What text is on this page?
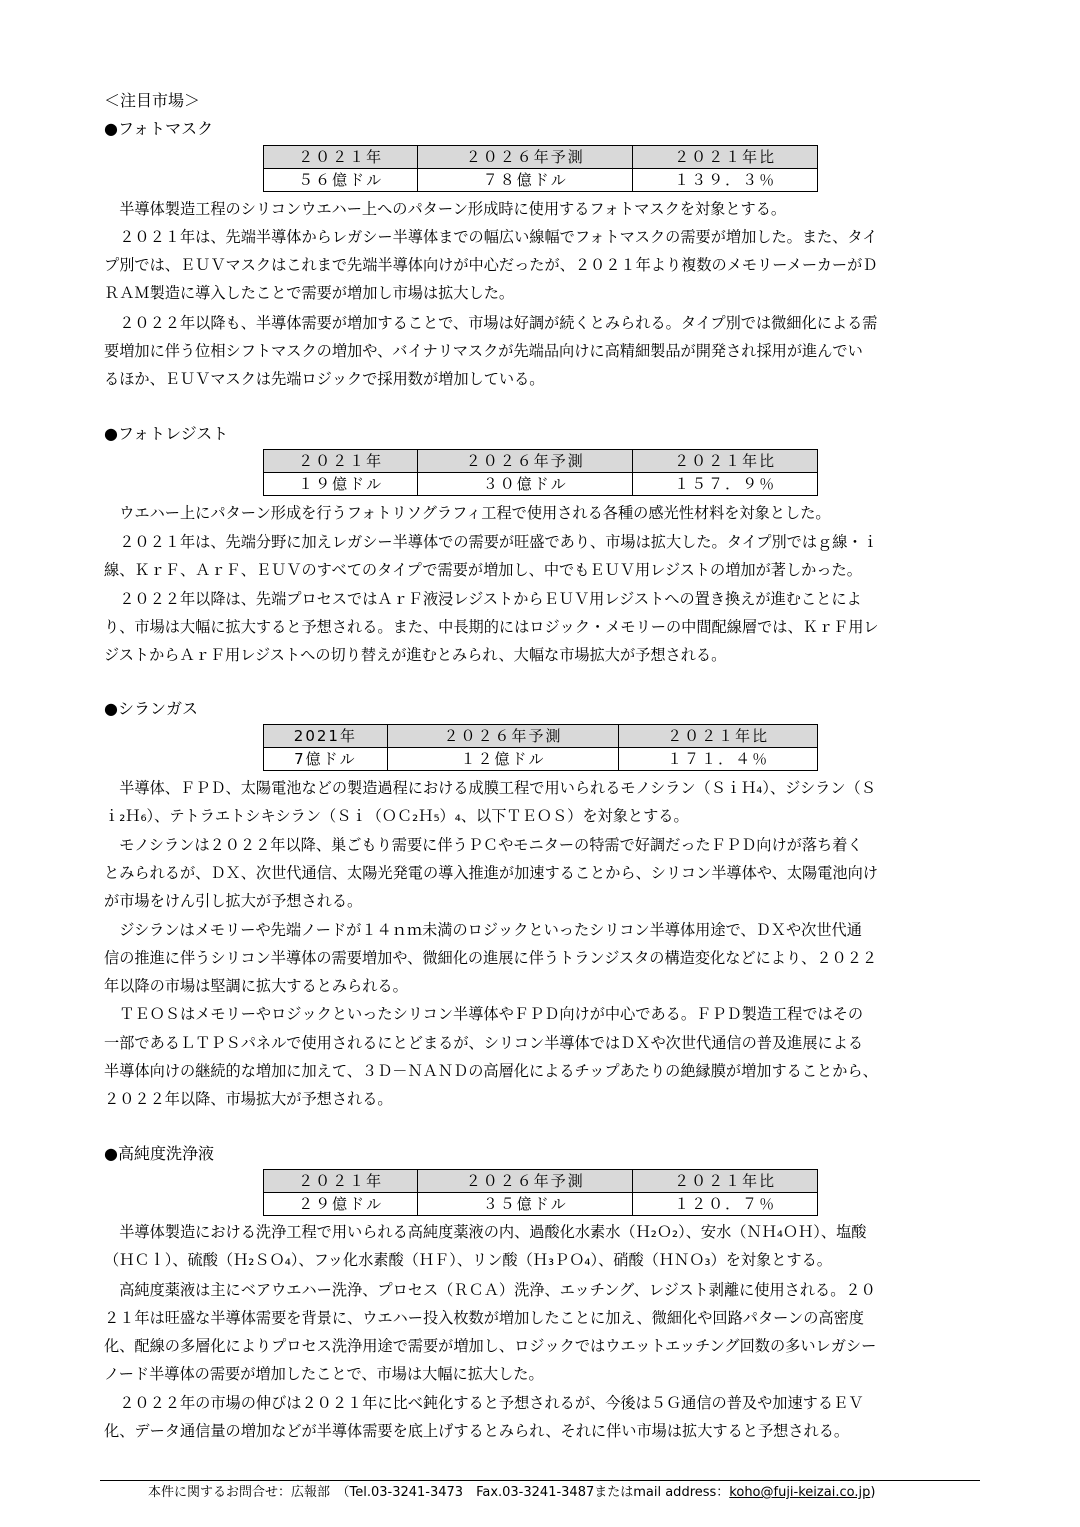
＜注目市場＞
●フォトマスク
２０２１年	２０２６年予測	２０２１年比
５６億ドル	７８億ドル	１３９．３％
　半導体製造工程のシリコンウエハー上へのパターン形成時に使用するフォトマスクを対象とする。
　２０２１年は、先端半導体からレガシー半導体までの幅広い線幅でフォトマスクの需要が増加した。また、タイ
プ別では、ＥＵＶマスクはこれまで先端半導体向けが中心だったが、２０２１年より複数のメモリーメーカーがＤ
ＲＡＭ製造に導入したことで需要が増加し市場は拡大した。
　２０２２年以降も、半導体需要が増加することで、市場は好調が続くとみられる。タイプ別では微細化による需
要増加に伴う位相シフトマスクの増加や、バイナリマスクが先端品向けに高精細製品が開発され採用が進んでい
るほか、ＥＵＶマスクは先端ロジックで採用数が増加している。
●フォトレジスト
２０２１年	２０２６年予測	２０２１年比
１９億ドル	３０億ドル	１５７．９％
　ウエハー上にパターン形成を行うフォトリソグラフィ工程で使用される各種の感光性材料を対象とした。
　２０２１年は、先端分野に加えレガシー半導体での需要が旺盛であり、市場は拡大した。タイプ別ではｇ線・ｉ
線、ＫｒＦ、ＡｒＦ、ＥＵＶのすべてのタイプで需要が増加し、中でもＥＵＶ用レジストの増加が著しかった。
　２０２２年以降は、先端プロセスではＡｒＦ液浸レジストからＥＵＶ用レジストへの置き換えが進むことによ
り、市場は大幅に拡大すると予想される。また、中長期的にはロジック・メモリーの中間配線層では、ＫｒＦ用レ
ジストからＡｒＦ用レジストへの切り替えが進むとみられ、大幅な市場拡大が予想される。
●シランガス
2021年	２０２６年予測	２０２１年比
7億ドル	１２億ドル	１７１．４％
　半導体、ＦＰＤ、太陽電池などの製造過程における成膜工程で用いられるモノシラン（ＳｉＨ₄）、ジシラン（Ｓ
ｉ₂Ｈ₆）、テトラエトシキシラン（Ｓｉ（ＯＣ₂Ｈ₅）₄、以下ＴＥＯＳ）を対象とする。
　モノシランは２０２２年以降、巣ごもり需要に伴うＰＣやモニターの特需で好調だったＦＰＤ向けが落ち着く
とみられるが、ＤＸ、次世代通信、太陽光発電の導入推進が加速することから、シリコン半導体や、太陽電池向け
が市場をけん引し拡大が予想される。
　ジシランはメモリーや先端ノードが１４ｎｍ未満のロジックといったシリコン半導体用途で、ＤＸや次世代通
信の推進に伴うシリコン半導体の需要増加や、微細化の進展に伴うトランジスタの構造変化などにより、２０２２
年以降の市場は堅調に拡大するとみられる。
　ＴＥＯＳはメモリーやロジックといったシリコン半導体やＦＰＤ向けが中心である。ＦＰＤ製造工程ではその
一部であるＬＴＰＳパネルで使用されるにとどまるが、シリコン半導体ではＤＸや次世代通信の普及進展による
半導体向けの継続的な増加に加えて、３Ｄ－ＮＡＮＤの高層化によるチップあたりの絶縁膜が増加することから、
２０２２年以降、市場拡大が予想される。
●高純度洗浄液
２０２１年	２０２６年予測	２０２１年比
２９億ドル	３５億ドル	１２０．７％
　半導体製造における洗浄工程で用いられる高純度薬液の内、過酸化水素水（Ｈ₂Ｏ₂）、安水（ＮＨ₄ＯＨ）、塩酸
（ＨＣｌ）、硫酸（Ｈ₂ＳＯ₄）、フッ化水素酸（ＨＦ）、リン酸（Ｈ₃ＰＯ₄）、硝酸（ＨＮＯ₃）を対象とする。
　高純度薬液は主にベアウエハー洗浄、プロセス（ＲＣＡ）洗浄、エッチング、レジスト剥離に使用される。２０
２１年は旺盛な半導体需要を背景に、ウエハー投入枚数が増加したことに加え、微細化や回路パターンの高密度
化、配線の多層化によりプロセス洗浄用途で需要が増加し、ロジックではウエットエッチング回数の多いレガシー
ノード半導体の需要が増加したことで、市場は大幅に拡大した。
　２０２２年の市場の伸びは２０２１年に比べ鈍化すると予想されるが、今後は５Ｇ通信の普及や加速するＥＶ
化、データ通信量の増加などが半導体需要を底上げするとみられ、それに伴い市場は拡大すると予想される。
本件に関するお問合せ：広報部　（Tel.03-3241-3473　Fax.03-3241-3487またはmail address：koho@fuji-keizai.co.jp)
